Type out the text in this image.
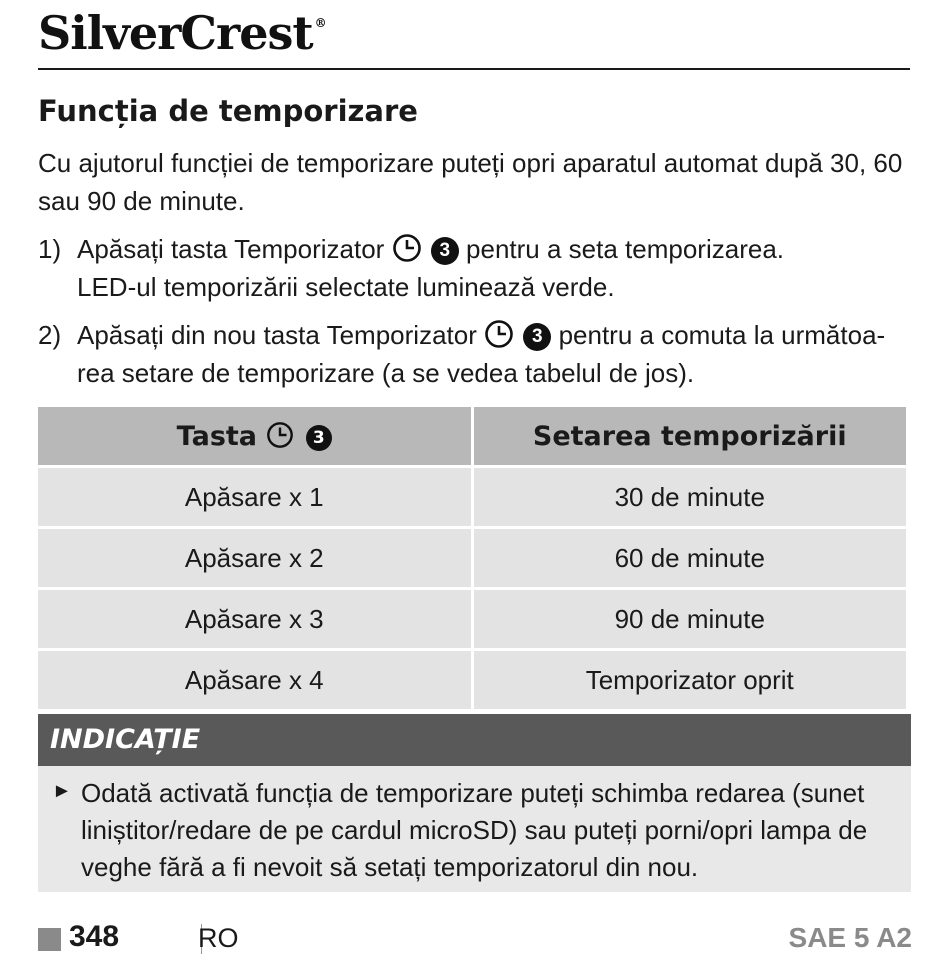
SilverCrest ®
Funcția de temporizare
Cu ajutorul funcției de temporizare puteți opri aparatul automat după 30, 60 sau 90 de minute.
1) Apăsați tasta Temporizator	3 pentru a seta temporizarea.
LED-ul temporizării selectate luminează verde.
2) Apăsați din nou tasta Temporizator	3 pentru a comuta la următoa-
rea setare de temporizare (a se vedea tabelul de jos).
Tasta 3	Setarea temporizării
Apăsare x 1	30 de minute
Apăsare x 2	60 de minute
Apăsare x 3	90 de minute
Apăsare x 4	Temporizator oprit
INDICAȚIE
► Odată activată funcția de temporizare puteți schimba redarea (sunet liniștitor/redare de pe cardul microSD) sau puteți porni/opri lampa de veghe fără a fi nevoit să setați temporizatorul din nou.
348	RO	SAE 5 A2
